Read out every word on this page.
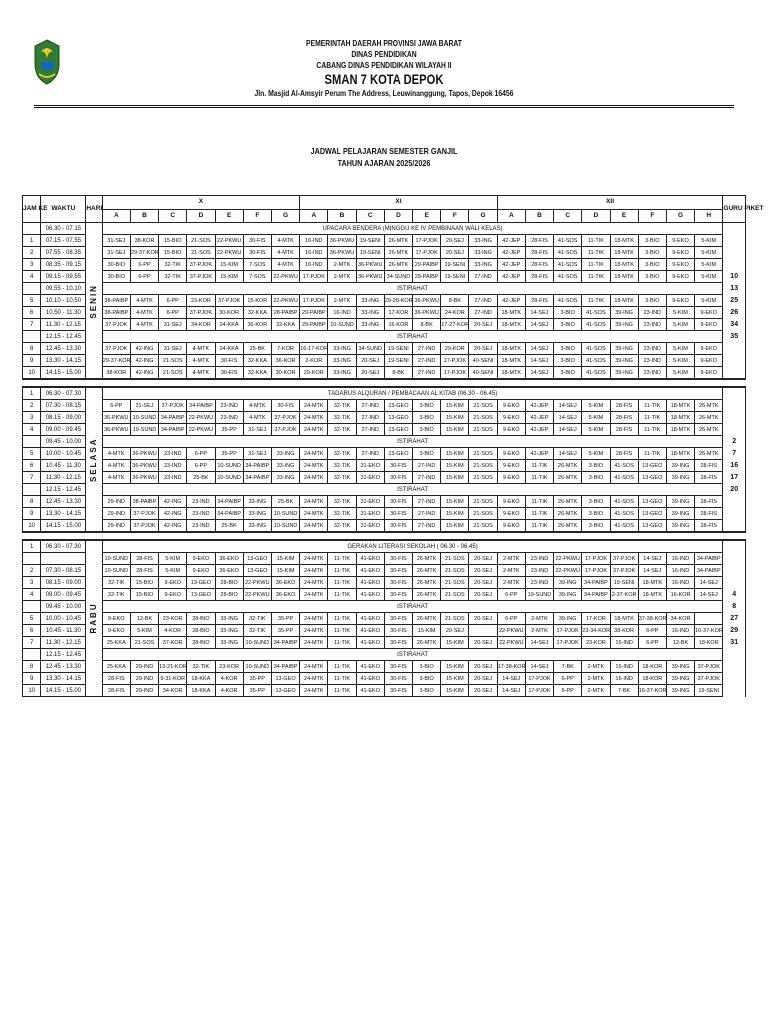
PEMERINTAH DAERAH PROVINSI JAWA BARAT
DINAS PENDIDIKAN
CABANG DINAS PENDIDIKAN WILAYAH II
SMAN 7 KOTA DEPOK
Jln. Masjid Al-Amsyir Perum The Address, Leuwinanggung, Tapos, Depok 16456
JADWAL PELAJARAN SEMESTER GANJIL
TAHUN AJARAN 2025/2026
JAM KE	WAKTU	HARI	X							XI							XII								GURU PIKET
			A	B	C	D	E	F	G	A	B	C	D	E	F	G	A	B	C	D	E	F	G	H	
	06.30 - 07.15	SENIN	UPACARA BENDERA (MINGGU KE IV PEMBINAAN WALI KELAS)																						
1	07.15 - 07.55		31-SEJ	38-KOR	15-BIO	21-SOS	22-PKWU	30-FIS	4-MTK	16-IND	36-PKWU	19-SENI	26-MTK	17-PJOK	20-SEJ	33-ING	42-JEP	28-FIS	41-SOS	11-TIK	18-MTK	3-BIO	9-EKO	5-KIM	
2	07.55 - 08.35		31-SEJ	29-37-KOR	15-BIO	21-SOS	22-PKWU	30-FIS	4-MTK	16-IND	36-PKWU	19-SENI	26-MTK	17-PJOK	20-SEJ	33-ING	42-JEP	28-FIS	41-SOS	11-TIK	18-MTK	3-BIO	9-EKO	5-KIM	
3	08.35 - 09.15		30-BIO	6-PP	32-TIK	37-PJOK	15-KIM	7-SOS	4-MTK	16-IND	2-MTK	36-PKWU	26-MTK	29-PAIBP	19-SENI	33-ING	42-JEP	28-FIS	41-SOS	11-TIK	18-MTK	3-BIO	9-EKO	5-KIM	
4	09.15 - 09.55		30-BIO	6-PP	32-TIK	37-PJOK	15-KIM	7-SOS	22-PKWU	17-PJOK	2-MTK	36-PKWU	34-SUND	29-PAIBP	19-SENI	27-IND	42-JEP	28-FIS	41-SOS	11-TIK	18-MTK	3-BIO	9-EKO	5-KIM	10
	09.55 - 10.10		ISTIRAHAT																						13
5	10.10 - 10.50		38-PAIBP	4-MTK	6-PP	23-KOR	37-PJOK	15-KOR	22-PKWU	17-PJOK	2-MTK	33-ING	29-28-KOR	36-PKWU	8-BK	27-IND	42-JEP	28-FIS	41-SOS	11-TIK	18-MTK	3-BIO	9-EKO	5-KIM	25
6	10.50 - 11.30		38-PAIBP	4-MTK	6-PP	37-PJOK	30-KOR	32-KKA	28-PAIBP	29-PAIBP	16-IND	33-ING	17-KOR	36-PKWU	24-KOR	27-IND	18-MTK	14-SEJ	3-BIO	41-SOS	39-ING	23-IND	5-KIM	9-EKO	26
7	11.30 - 12.15		37-PJOK	4-MTK	31-SEJ	34-KOR	24-KKA	36-KOR	32-KKA	29-PAIBP	10-SUND	33-ING	16-KOR	8-BK	17-27-KOR	20-SEJ	18-MTK	14-SEJ	3-BIO	41-SOS	39-ING	23-IND	5-KIM	9-EKO	34
	12.15 - 12.45		ISTIRAHAT																						35
8	12.45 - 13.30		37-PJOK	42-ING	31-SEJ	4-MTK	24-KKA	25-BK	7-KOR	16-17-KOR	33-ING	34-SUND	19-SENI	27-IND	29-KOR	20-SEJ	18-MTK	14-SEJ	3-BIO	41-SOS	39-ING	23-IND	5-KIM	9-EKO	
9	13.30 - 14.15		29-37-KOR	42-ING	21-SOS	4-MTK	30-FIS	32-KKA	36-KOR	2-KOR	33-ING	20-SEJ	19-SENI	27-IND	17-PJOK	40-SENI	18-MTK	14-SEJ	3-BIO	41-SOS	39-ING	23-IND	5-KIM	9-EKO	
10	14.15 - 15.00		38-KOR	42-ING	21-SOS	4-MTK	30-FIS	32-KKA	30-KOR	29-KOR	33-ING	20-SEJ	8-BK	27-IND	17-PJOK	40-SENI	18-MTK	14-SEJ	3-BIO	41-SOS	39-ING	23-IND	5-KIM	9-EKO	

1	06.30 - 07.30	SELASA	TADARUS ALQURAN / PEMBACAAN AL KITAB (06.30 - 06.45)																						
2	07.30 - 08.15		6-PP	31-SEJ	37-PJOK	34-PAIBP	23-IND	4-MTK	30-FIS	24-MTK	32-TIK	27-IND	13-GEO	3-BIO	15-KIM	21-SOS	9-EKO	42-JEP	14-SEJ	5-KIM	28-FIS	11-TIK	18-MTK	26-MTK	
3	08.15 - 09.00		36-PKWU	10-SUND	34-PAIBP	22-PKWU	23-IND	4-MTK	37-PJOK	24-MTK	32-TIK	27-IND	13-GEO	3-BIO	15-KIM	21-SOS	9-EKO	42-JEP	14-SEJ	5-KIM	28-FIS	11-TIK	18-MTK	26-MTK	
4	09.00 - 09.45		36-PKWU	10-SUND	34-PAIBP	22-PKWU	35-PP	31-SEJ	37-PJOK	24-MTK	32-TIK	27-IND	13-GEO	3-BIO	15-KIM	21-SOS	9-EKO	42-JEP	14-SEJ	5-KIM	28-FIS	11-TIK	18-MTK	26-MTK	
	09.45 - 10.00		ISTIRAHAT																						2
5	10.00 - 10.45		4-MTK	36-PKWU	23-IND	6-PP	35-PP	31-SEJ	33-ING	24-MTK	32-TIK	27-IND	13-GEO	3-BIO	15-KIM	21-SOS	9-EKO	42-JEP	14-SEJ	5-KIM	28-FIS	11-TIK	18-MTK	26-MTK	7
6	10.45 - 11.30		4-MTK	36-PKWU	23-IND	6-PP	10-SUND	34-PAIBP	33-ING	24-MTK	32-TIK	31-EKO	30-FIS	27-IND	15-KIM	21-SOS	9-EKO	11-TIK	26-MTK	3-BIO	41-SOS	13-GEO	39-ING	28-FIS	16
7	11.30 - 12.15		4-MTK	36-PKWU	23-IND	25-BK	10-SUND	34-PAIBP	33-ING	24-MTK	32-TIK	31-EKO	30-FIS	27-IND	15-KIM	21-SOS	9-EKO	11-TIK	26-MTK	3-BIO	41-SOS	13-GEO	39-ING	28-FIS	17
	12.15 - 12.45		ISTIRAHAT																						20
8	12.45 - 13.30		29-IND	38-PAIBP	42-ING	23-IND	34-PAIBP	33-ING	25-BK	24-MTK	32-TIK	31-EKO	30-FIS	27-IND	15-KIM	21-SOS	9-EKO	11-TIK	26-MTK	3-BIO	41-SOS	13-GEO	39-ING	28-FIS	
9	13.30 - 14.15		29-IND	37-PJOK	42-ING	23-IND	34-PAIBP	33-ING	10-SUND	24-MTK	32-TIK	31-EKO	30-FIS	27-IND	15-KIM	21-SOS	9-EKO	11-TIK	26-MTK	3-BIO	41-SOS	13-GEO	39-ING	28-FIS	
10	14.15 - 15.00		29-IND	37-PJOK	42-ING	23-IND	25-BK	33-ING	10-SUND	24-MTK	32-TIK	31-EKO	30-FIS	27-IND	15-KIM	21-SOS	9-EKO	11-TIK	26-MTK	3-BIO	41-SOS	13-GEO	39-ING	28-FIS	

1	06.30 - 07.30	RABU	GERAKAN LITERASI SEKOLAH ( 06.30 - 06.45)																						
			10-SUND	28-FIS	5-KIM	9-EKO	36-EKO	13-GEO	15-KIM	24-MTK	11-TIK	41-EKO	30-FIS	26-MTK	21-SOS	20-SEJ	2-MTK	23-IND	22-PKWU	17-PJOK	37-PJOK	14-SEJ	16-IND	34-PAIBP	
2	07.30 - 08.15		10-SUND	28-FIS	5-KIM	9-EKO	36-EKO	13-GEO	15-KIM	24-MTK	11-TIK	41-EKO	30-FIS	26-MTK	21-SOS	20-SEJ	2-MTK	23-IND	22-PKWU	17-PJOK	37-PJOK	14-SEJ	16-IND	34-PAIBP	
3	08.15 - 09.00		32-TIK	15-BIO	9-EKO	13-GEO	28-BIO	22-PKWU	36-EKO	24-MTK	11-TIK	41-EKO	30-FIS	26-MTK	21-SOS	20-SEJ	2-MTK	23-IND	39-ING	34-PAIBP	19-SENI	18-MTK	16-IND	14-SEJ	
4	09.00 - 09.45		32-TIK	15-BIO	9-EKO	13-GEO	28-BIO	22-PKWU	36-EKO	24-MTK	11-TIK	41-EKO	30-FIS	26-MTK	21-SOS	20-SEJ	6-PP	19-SUND	39-ING	34-PAIBP	2-37-KOR	18-MTK	16-KOR	14-SEJ	4
	09.45 - 10.00		ISTIRAHAT																						8
5	10.00 - 10.45		9-EKO	12-BK	23-KOR	28-BIO	33-ING	32-TIK	35-PP	24-MTK	11-TIK	41-EKO	30-FIS	26-MTK	21-SOS	20-SEJ	6-PP	2-MTK	39-ING	17-KOR	18-MTK	37-38-KOR	34-KOR		27
6	10.45 - 11.30		9-EKO	5-KIM	4-KOR	28-BIO	33-ING	32-TIK	35-PP	24-MTK	11-TIK	41-EKO	30-FIS	15-KIM	20-SEJ		22-PKWU	2-MTK	17-PJOK	23-34-KOR	38-KOR	6-PP	16-IND	16-37-KOR	29
7	11.30 - 12.15		25-KKA	21-SOS	37-KOR	28-BIO	33-ING	10-SUND	34-PAIBP	24-MTK	11-TIK	41-EKO	30-FIS	26-MTK	15-KIM	20-SEJ	22-PKWU	14-SEJ	17-PJOK	23-KOR	16-IND	6-PP	12-BK	18-KOR	31
	12.15 - 12.45		ISTIRAHAT																						
8	12.45 - 13.30		25-KKA	29-IND	13-21-KOR	32-TIK	23-KOR	10-SUND	34-PAIBP	24-MTK	11-TIK	41-EKO	30-FIS	3-BIO	15-KIM	20-SEJ	17-38-KOR	14-SEJ	7-BK	2-MTK	16-IND	18-KOR	39-ING	37-PJOK	
9	13.30 - 14.15		28-FIS	29-IND	9-31-KOR	18-KKA	4-KOR	35-PP	13-GEO	24-MTK	11-TIK	41-EKO	30-FIS	3-BIO	15-KIM	20-SEJ	14-SEJ	17-PJOK	6-PP	2-MTK	16-IND	18-KOR	39-ING	37-PJOK	
10	14.15 - 15.00		28-FIS	29-IND	34-KOR	18-KKA	4-KOR	35-PP	13-GEO	24-MTK	11-TIK	41-EKO	30-FIS	3-BIO	15-KIM	20-SEJ	14-SEJ	17-PJOK	6-PP	2-MTK	7-BK	16-37-KOR	39-ING	19-SENI	
